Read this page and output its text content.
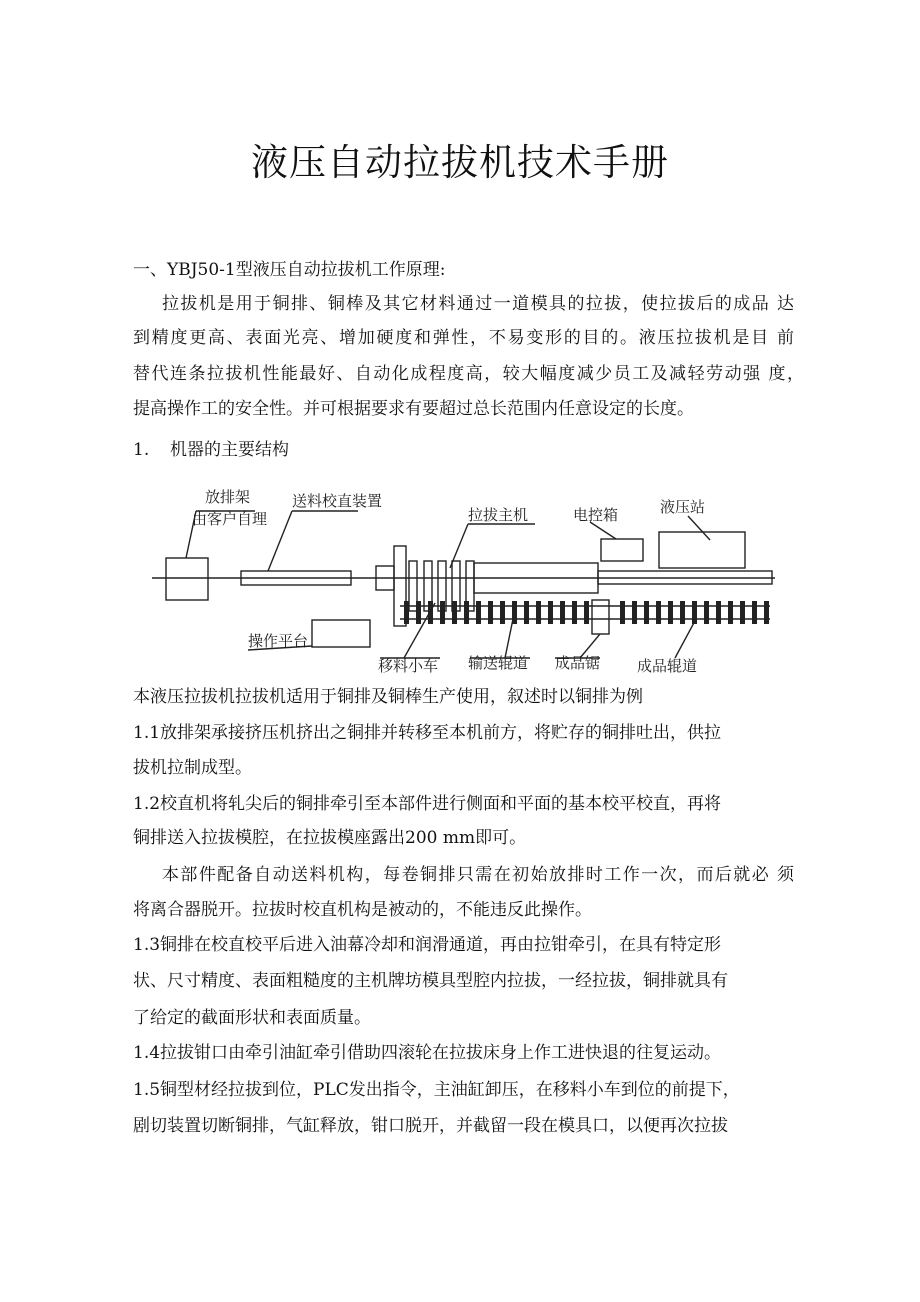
液压自动拉拔机技术手册
一、YBJ50-1型液压自动拉拔机工作原理:
拉拔机是用于铜排、铜棒及其它材料通过一道模具的拉拔，使拉拔后的成品 达
到精度更高、表面光亮、增加硬度和弹性，不易变形的目的。液压拉拔机是目 前
替代连条拉拔机性能最好、自动化成程度高，较大幅度减少员工及减轻劳动强 度，
提高操作工的安全性。并可根据要求有要超过总长范围内任意设定的长度。
1. 机器的主要结构
放排架
由客户自理
送料校直装置
拉拔主机	电控箱	液压站
操作平台
移料小车 输送辊道 成品锯 成品辊道
本液压拉拔机拉拔机适用于铜排及铜棒生产使用，叙述时以铜排为例
1.1放排架承接挤压机挤出之铜排并转移至本机前方，将贮存的铜排吐出，供拉
拔机拉制成型。
1.2校直机将轧尖后的铜排牵引至本部件进行侧面和平面的基本校平校直，再将
铜排送入拉拔模腔，在拉拔模座露出200 mm即可。
本部件配备自动送料机构，每卷铜排只需在初始放排时工作一次，而后就必 须
将离合器脱开。拉拔时校直机构是被动的，不能违反此操作。
1.3铜排在校直校平后进入油幕冷却和润滑通道，再由拉钳牵引，在具有特定形
状、尺寸精度、表面粗糙度的主机牌坊模具型腔内拉拔，一经拉拔，铜排就具有
了给定的截面形状和表面质量。
1.4拉拔钳口由牵引油缸牵引借助四滚轮在拉拔床身上作工进快退的往复运动。
1.5铜型材经拉拔到位，PLC发出指令，主油缸卸压，在移料小车到位的前提下，
剧切装置切断铜排，气缸释放，钳口脱开，并截留一段在模具口，以便再次拉拔
